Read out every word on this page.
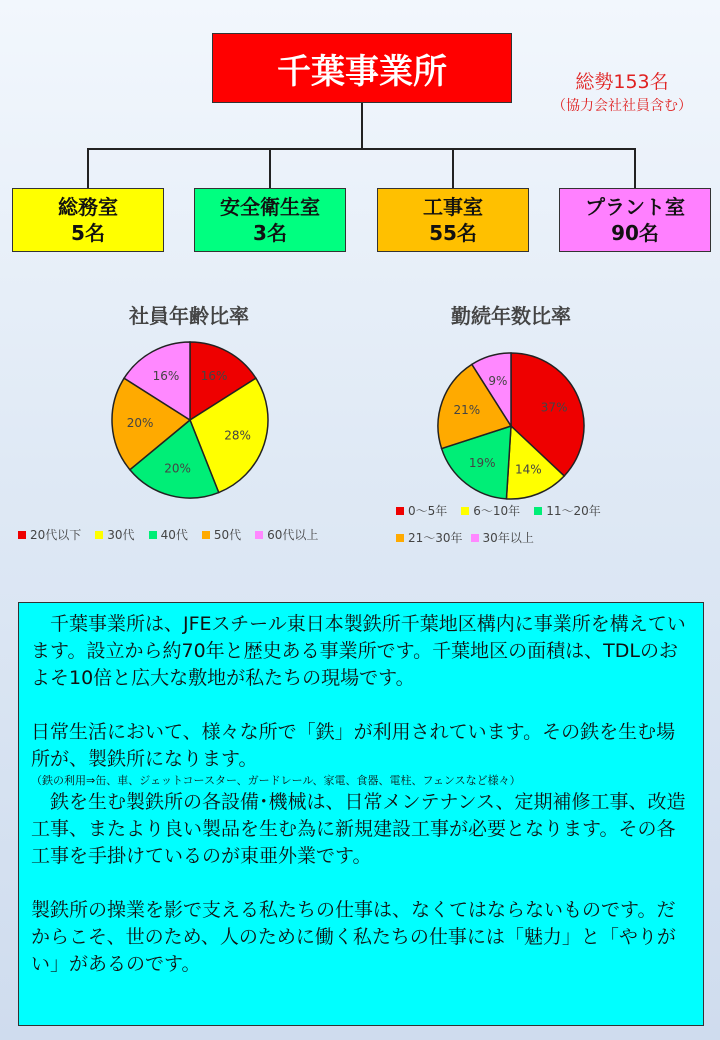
千葉事業所	総勢153名
（協力会社社員含む）
総務室
5名
安全衛生室
3名
工事室
55名
プラント室
90名
社員年齢比率
16%
28%
20%
20%
16%
20代以下 30代 40代 50代 60代以上
勤続年数比率
37%
14%
19%
21%
9%
0～5年 6～10年 11～20年
21～30年 30年以上

　千葉事業所は、JFEスチール東日本製鉄所千葉地区構内に事業所を構えています。設立から約70年と歴史ある事業所です。千葉地区の面積は、TDLのおよそ10倍と広大な敷地が私たちの現場です。

日常生活において、様々な所で「鉄」が利用されています。その鉄を生む場所が、製鉄所になります。

（鉄の利用⇒缶、車、ジェットコースター、ガードレール、家電、食器、電柱、フェンスなど様々）

　鉄を生む製鉄所の各設備･機械は、日常メンテナンス、定期補修工事、改造工事、またより良い製品を生む為に新規建設工事が必要となります。その各工事を手掛けているのが東亜外業です。

製鉄所の操業を影で支える私たちの仕事は、なくてはならないものです。だからこそ、世のため、人のために働く私たちの仕事には「魅力」と「やりがい」があるのです。
